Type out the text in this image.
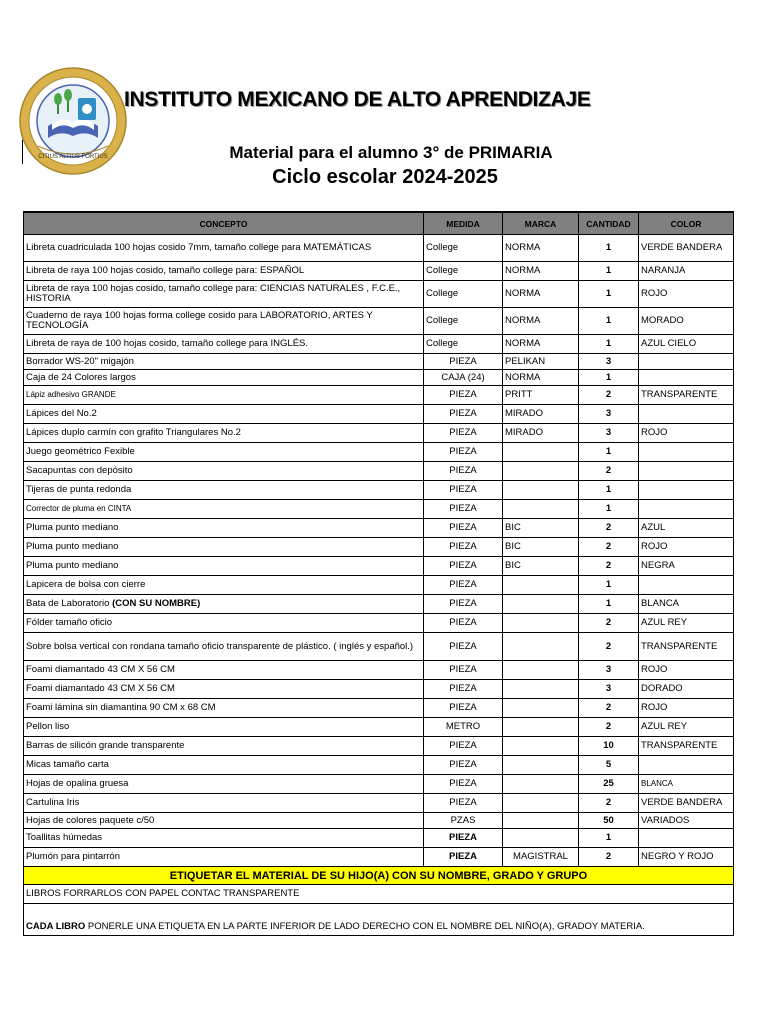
CITIUS ALTIUS FORTIUS
INSTITUTO MEXICANO DE ALTO APRENDIZAJE
Material para el alumno 3° de PRIMARIA
Ciclo escolar 2024-2025
CONCEPTO	MEDIDA	MARCA	CANTIDAD	COLOR
Libreta cuadriculada 100 hojas cosido 7mm, tamaño college para MATEMÁTICAS	College	NORMA	1	VERDE BANDERA
Libreta de raya 100 hojas cosido, tamaño college para: ESPAÑOL	College	NORMA	1	NARANJA
Libreta de raya 100 hojas cosido, tamaño college para: CIENCIAS NATURALES , F.C.E., HISTORIA	College	NORMA	1	ROJO
Cuaderno de raya 100 hojas forma college cosido para LABORATORIO, ARTES Y TECNOLOGÍA	College	NORMA	1	MORADO
Libreta de raya de 100 hojas cosido, tamaño college para INGLÉS.	College	NORMA	1	AZUL CIELO
Borrador WS-20" migajón	PIEZA	PELIKAN	3	
Caja de 24 Colores largos	CAJA (24)	NORMA	1	
Lápiz adhesivo GRANDE	PIEZA	PRITT	2	TRANSPARENTE
Lápices del No.2	PIEZA	MIRADO	3	
Lápices duplo carmín con grafito Triangulares No.2	PIEZA	MIRADO	3	ROJO
Juego geométrico Fexible	PIEZA		1	
Sacapuntas con depósito	PIEZA		2	
Tijeras de punta redonda	PIEZA		1	
Corrector de pluma en CINTA	PIEZA		1	
Pluma punto mediano	PIEZA	BIC	2	AZUL
Pluma punto mediano	PIEZA	BIC	2	ROJO
Pluma punto mediano	PIEZA	BIC	2	NEGRA
Lapicera de bolsa con cierre	PIEZA		1	
Bata de Laboratorio (CON SU NOMBRE)	PIEZA		1	BLANCA
Fólder tamaño oficio	PIEZA		2	AZUL REY
Sobre bolsa vertical con rondana tamaño oficio transparente de plástico. ( inglés y español.)	PIEZA		2	TRANSPARENTE
Foami diamantado 43 CM X 56 CM	PIEZA		3	ROJO
Foami diamantado 43 CM X 56 CM	PIEZA		3	DORADO
Foami lámina sin diamantina 90 CM x 68 CM	PIEZA		2	ROJO
Pellon liso	METRO		2	AZUL REY
Barras de silicón grande transparente	PIEZA		10	TRANSPARENTE
Micas tamaño carta	PIEZA		5	
Hojas de opalina gruesa	PIEZA		25	BLANCA
Cartulina Iris	PIEZA		2	VERDE BANDERA
Hojas de colores paquete c/50	PZAS		50	VARIADOS
Toallitas húmedas	PIEZA		1	
Plumón para pintarrón	PIEZA	MAGISTRAL	2	NEGRO Y ROJO
ETIQUETAR EL MATERIAL DE SU HIJO(A) CON SU NOMBRE, GRADO Y GRUPO				
LIBROS FORRARLOS CON PAPEL CONTAC TRANSPARENTE				
CADA LIBRO PONERLE UNA ETIQUETA EN LA PARTE INFERIOR DE LADO DERECHO CON EL NOMBRE DEL NIÑO(A), GRADOY MATERIA.				
